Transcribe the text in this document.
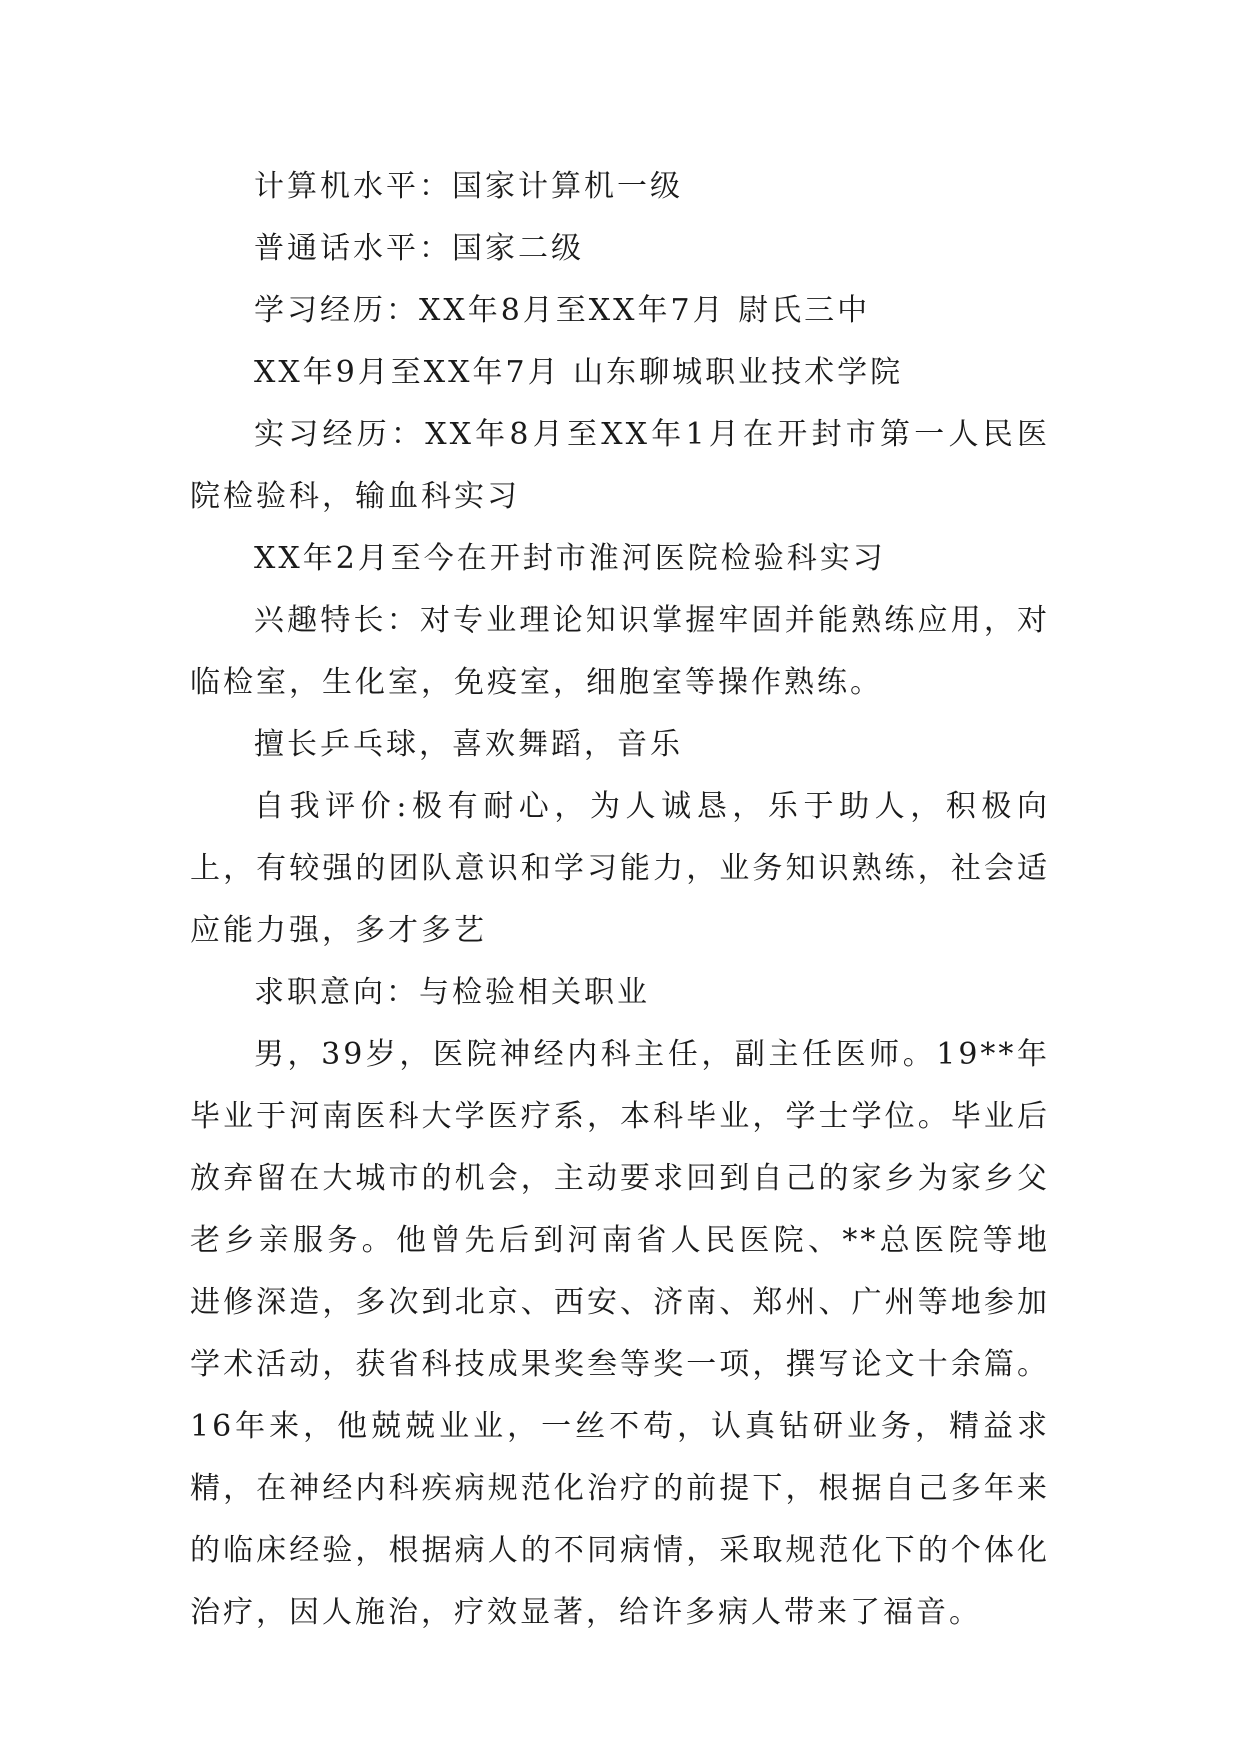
计算机水平：国家计算机一级

普通话水平：国家二级

学习经历：XX年8月至XX年7月 尉氏三中

XX年9月至XX年7月 山东聊城职业技术学院

实习经历：XX年8月至XX年1月在开封市第一人民医院检验科，输血科实习

XX年2月至今在开封市淮河医院检验科实习

兴趣特长：对专业理论知识掌握牢固并能熟练应用，对临检室，生化室，免疫室，细胞室等操作熟练。

擅长乒乓球，喜欢舞蹈，音乐

自我评价:极有耐心，为人诚恳，乐于助人，积极向上，有较强的团队意识和学习能力，业务知识熟练，社会适应能力强，多才多艺

求职意向：与检验相关职业

男，39岁，医院神经内科主任，副主任医师。19**年毕业于河南医科大学医疗系，本科毕业，学士学位。毕业后放弃留在大城市的机会，主动要求回到自己的家乡为家乡父老乡亲服务。他曾先后到河南省人民医院、**总医院等地进修深造，多次到北京、西安、济南、郑州、广州等地参加学术活动，获省科技成果奖叁等奖一项，撰写论文十余篇。16年来，他兢兢业业，一丝不苟，认真钻研业务，精益求精，在神经内科疾病规范化治疗的前提下，根据自己多年来的临床经验，根据病人的不同病情，采取规范化下的个体化治疗，因人施治，疗效显著，给许多病人带来了福音。
